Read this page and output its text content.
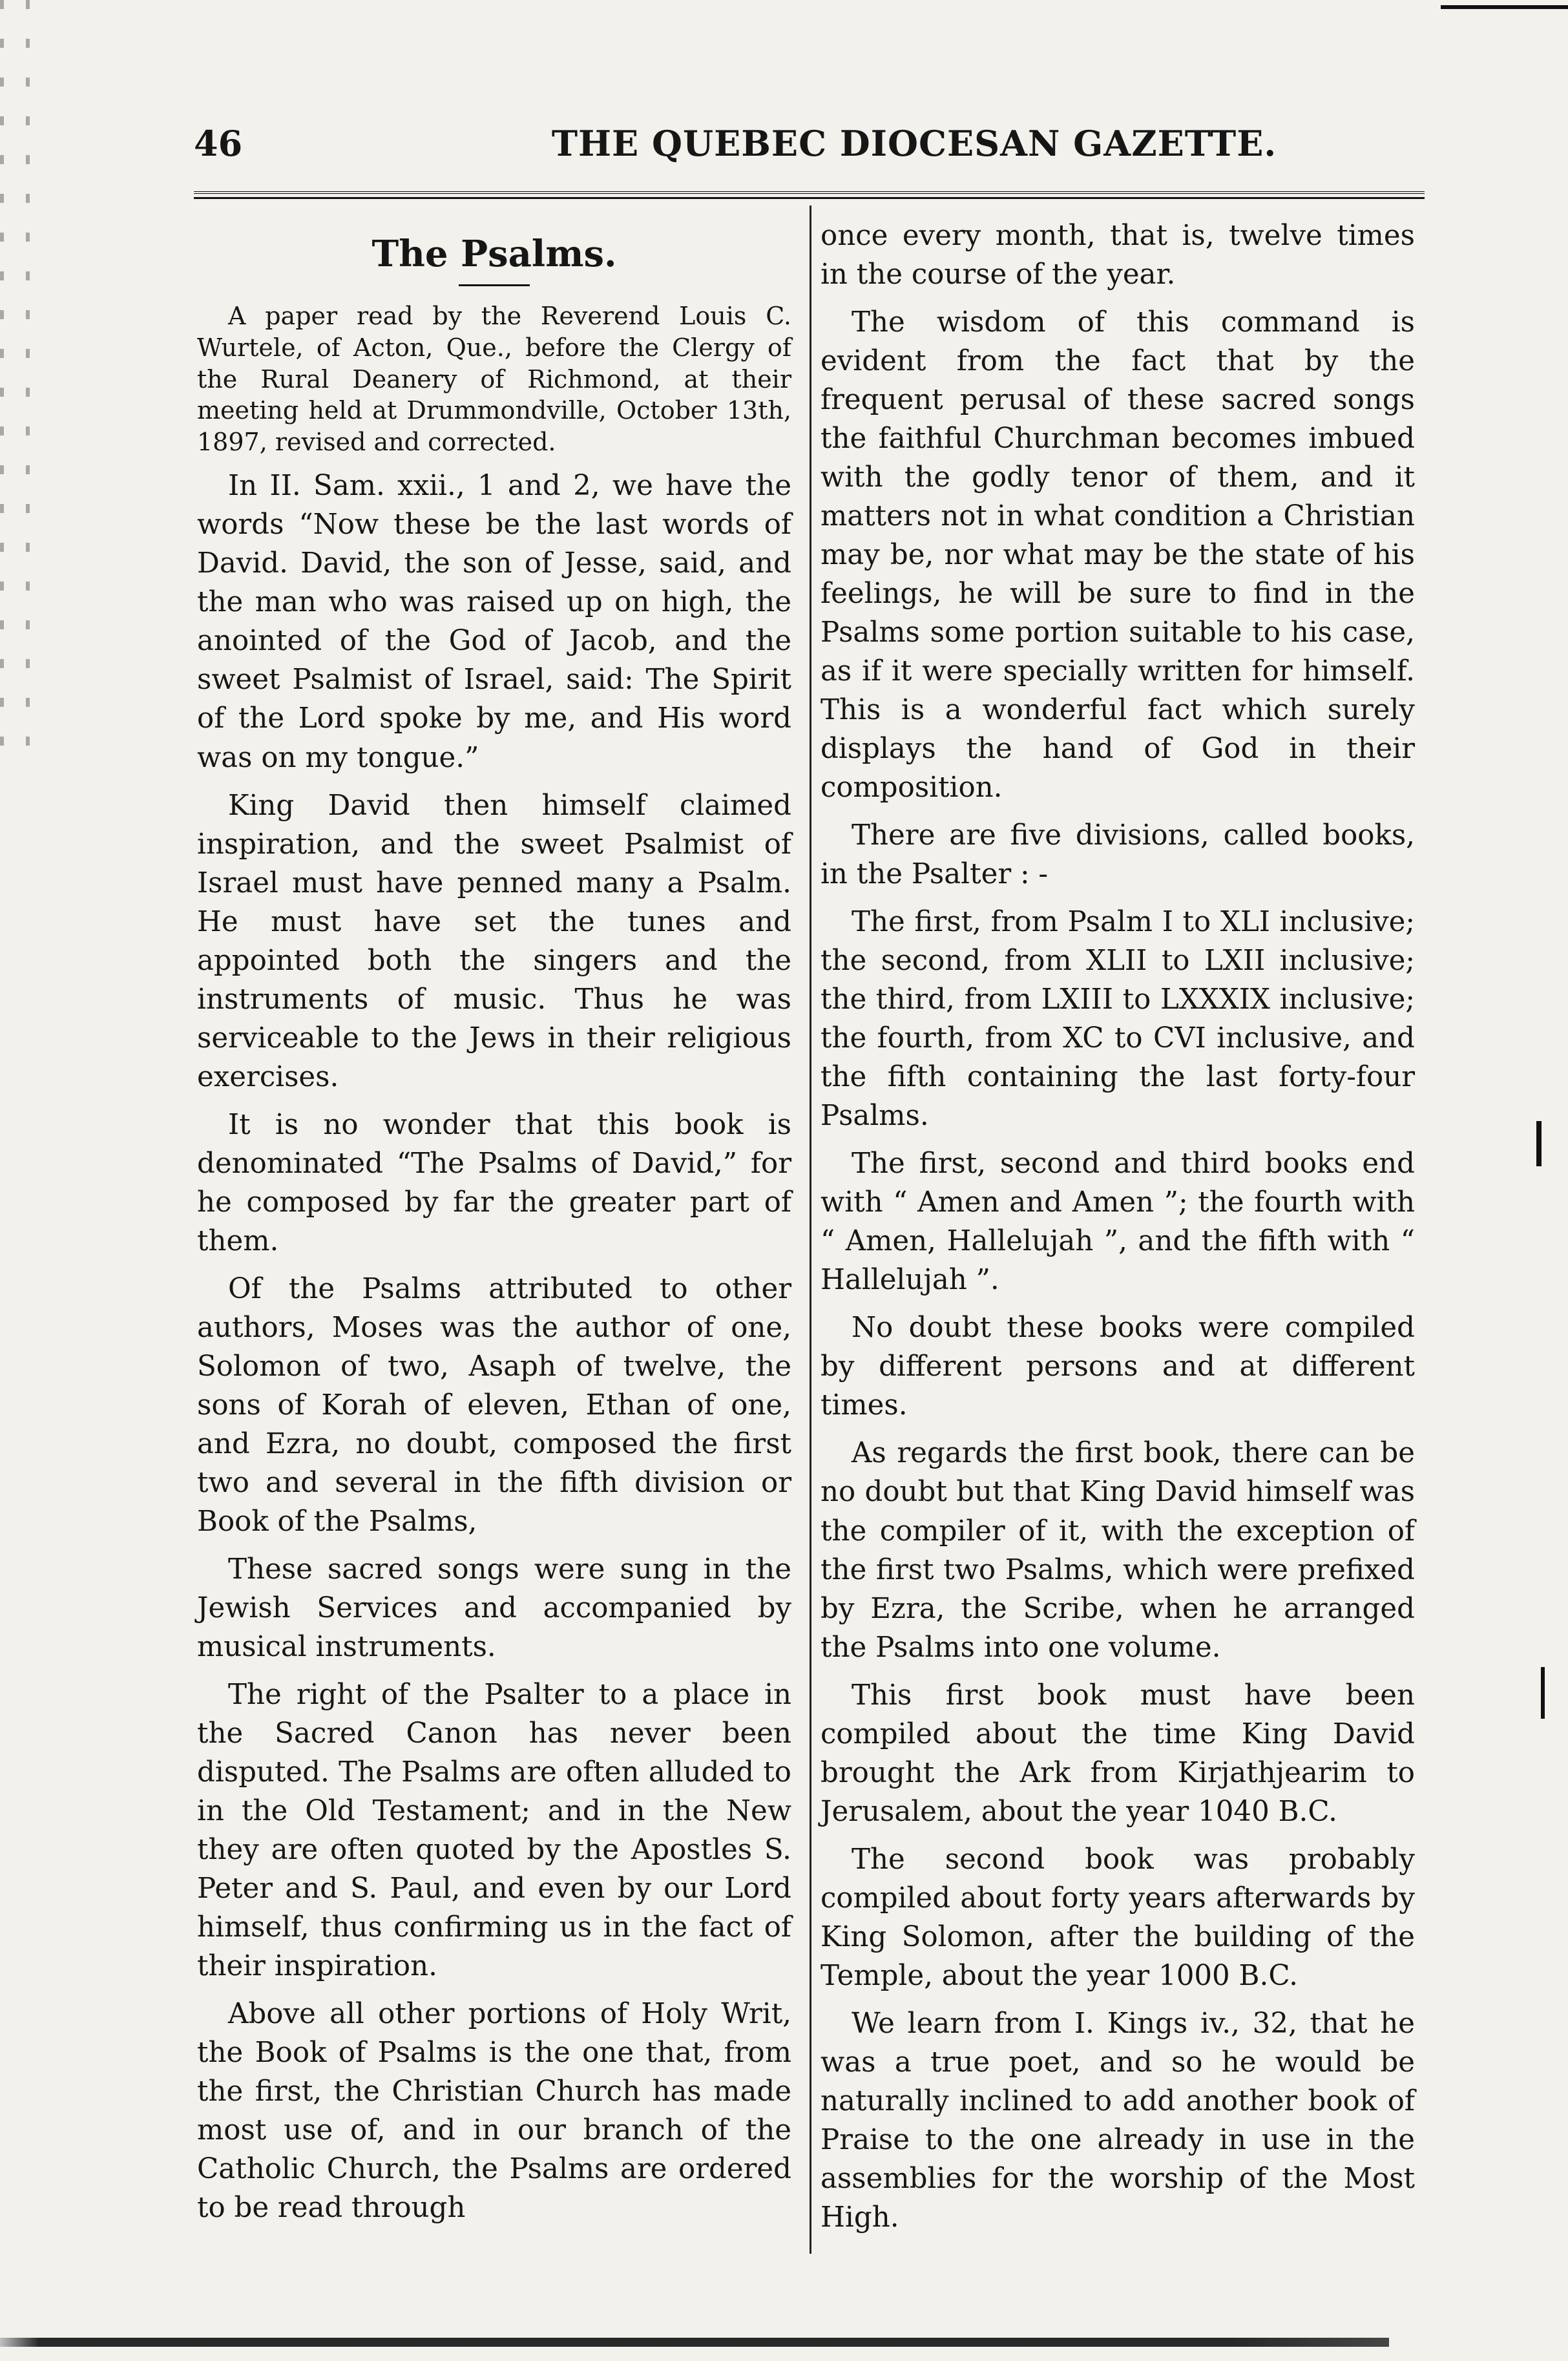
46	THE QUEBEC DIOCESAN GAZETTE.
The Psalms.

A paper read by the Reverend Louis C. Wurtele, of Acton, Que., before the Clergy of the Rural Deanery of Richmond, at their meeting held at Drummondville, October 13th, 1897, revised and corrected.

In II. Sam. xxii., 1 and 2, we have the words “Now these be the last words of David. David, the son of Jesse, said, and the man who was raised up on high, the anointed of the God of Jacob, and the sweet Psalmist of Israel, said: The Spirit of the Lord spoke by me, and His word was on my tongue.”

King David then himself claimed inspiration, and the sweet Psalmist of Israel must have penned many a Psalm. He must have set the tunes and appointed both the singers and the instruments of music. Thus he was serviceable to the Jews in their religious exercises.

It is no wonder that this book is denominated “The Psalms of David,” for he composed by far the greater part of them.

Of the Psalms attributed to other authors, Moses was the author of one, Solomon of two, Asaph of twelve, the sons of Korah of eleven, Ethan of one, and Ezra, no doubt, composed the first two and several in the fifth division or Book of the Psalms,

These sacred songs were sung in the Jewish Services and accompanied by musical instruments.

The right of the Psalter to a place in the Sacred Canon has never been disputed. The Psalms are often alluded to in the Old Testament; and in the New they are often quoted by the Apostles S. Peter and S. Paul, and even by our Lord himself, thus confirming us in the fact of their inspiration.

Above all other portions of Holy Writ, the Book of Psalms is the one that, from the first, the Christian Church has made most use of, and in our branch of the Catholic Church, the Psalms are ordered to be read through

once every month, that is, twelve times in the course of the year.

The wisdom of this command is evident from the fact that by the frequent perusal of these sacred songs the faithful Churchman becomes imbued with the godly tenor of them, and it matters not in what condition a Christian may be, nor what may be the state of his feelings, he will be sure to find in the Psalms some portion suitable to his case, as if it were specially written for himself. This is a wonderful fact which surely displays the hand of God in their composition.

There are five divisions, called books, in the Psalter : -

The first, from Psalm I to XLI inclusive; the second, from XLII to LXII inclusive; the third, from LXIII to LXXXIX inclusive; the fourth, from XC to CVI inclusive, and the fifth containing the last forty-four Psalms.

The first, second and third books end with “ Amen and Amen ”; the fourth with “ Amen, Hallelujah ”, and the fifth with “ Hallelujah ”.

No doubt these books were compiled by different persons and at different times.

As regards the first book, there can be no doubt but that King David himself was the compiler of it, with the exception of the first two Psalms, which were prefixed by Ezra, the Scribe, when he arranged the Psalms into one volume.

This first book must have been compiled about the time King David brought the Ark from Kirjathjearim to Jerusalem, about the year 1040 B.C.

The second book was probably compiled about forty years afterwards by King Solomon, after the building of the Temple, about the year 1000 B.C.

We learn from I. Kings iv., 32, that he was a true poet, and so he would be naturally inclined to add another book of Praise to the one already in use in the assemblies for the worship of the Most High.
